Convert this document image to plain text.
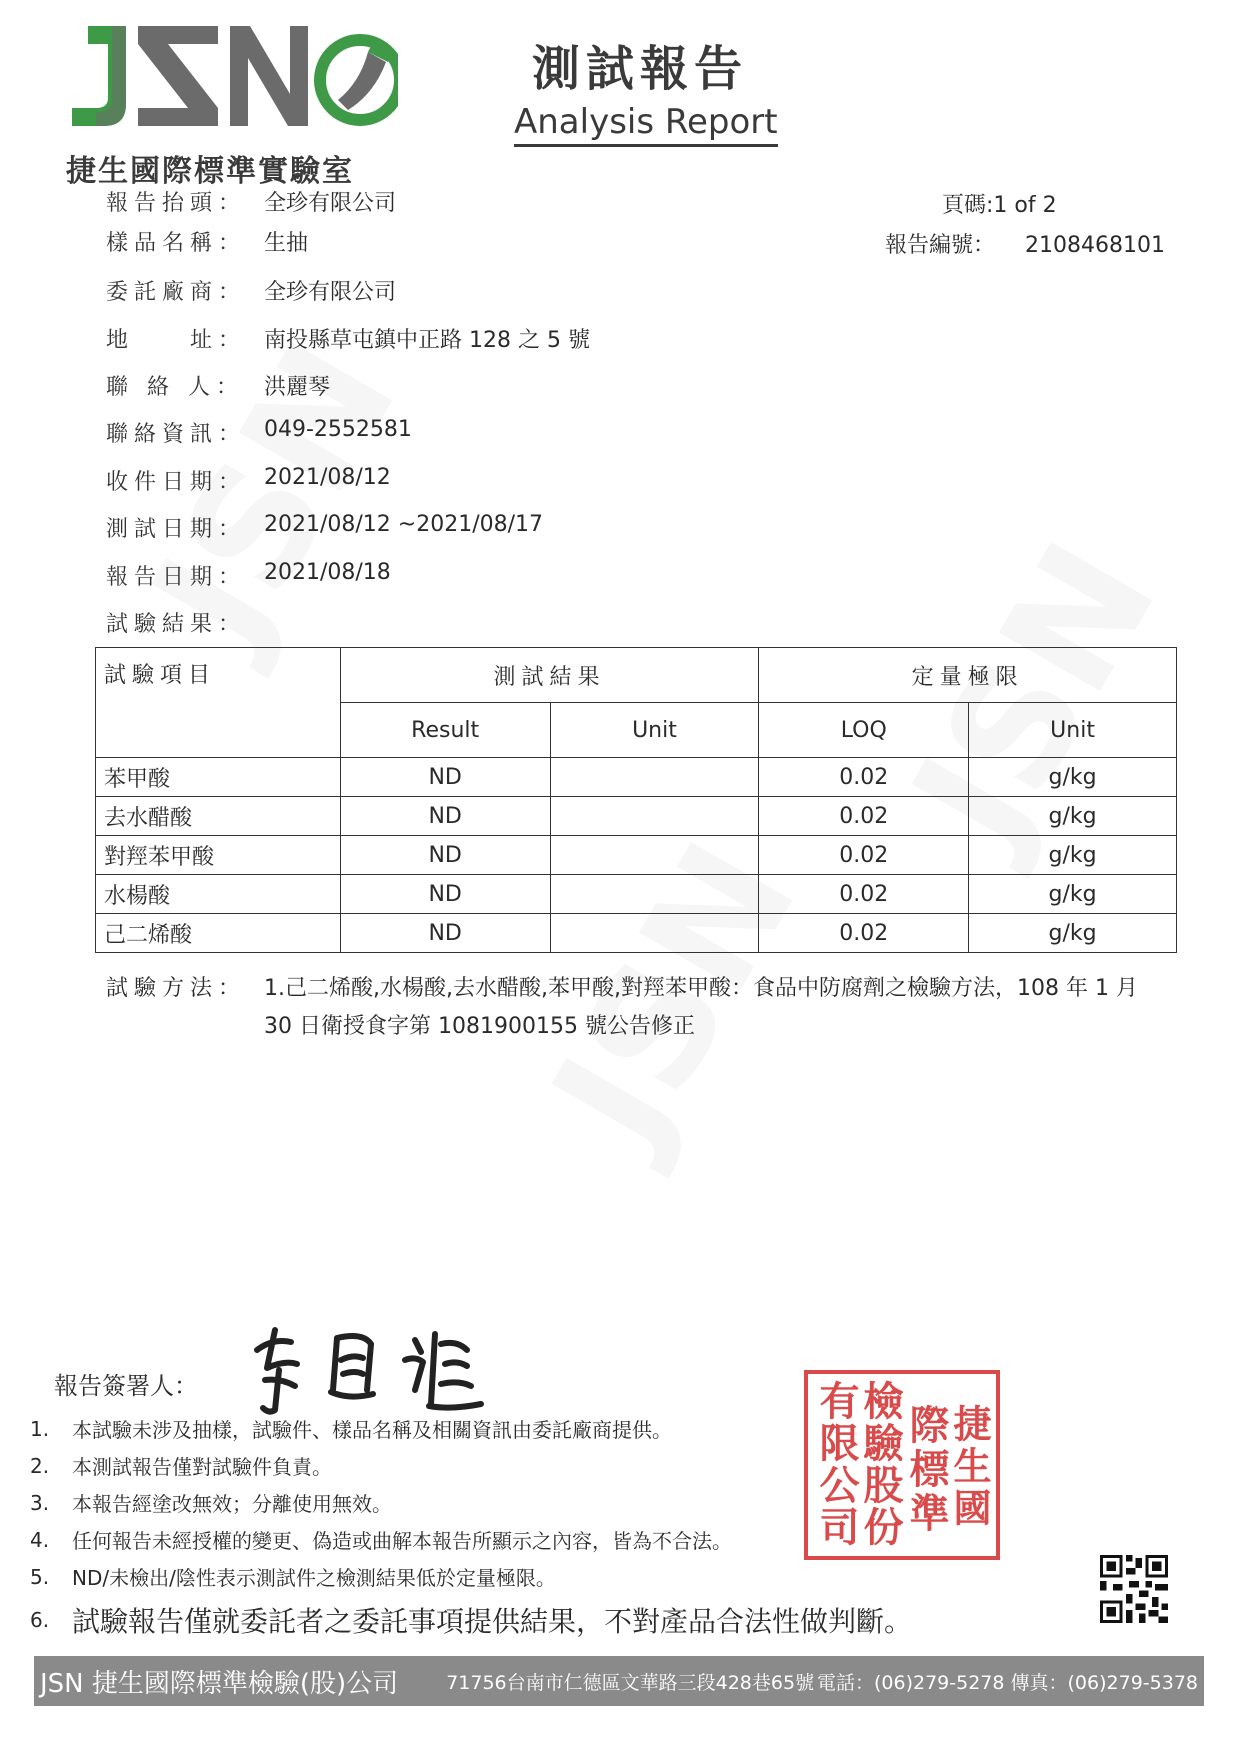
捷生國際標準實驗室
測試報告
Analysis Report
頁碼:1 of 2
報告編號： 2108468101
報告抬頭： 全珍有限公司
樣品名稱： 生抽
委託廠商： 全珍有限公司
地　　址： 南投縣草屯鎮中正路 128 之 5 號
聯 絡 人： 洪麗琴
聯絡資訊： 049-2552581
收件日期： 2021/08/12
測試日期： 2021/08/12 ~2021/08/17
報告日期： 2021/08/18
試驗結果：
試驗項目	測試結果		定量極限	
	Result	Unit	LOQ	Unit
苯甲酸	ND		0.02	g/kg
去水醋酸	ND		0.02	g/kg
對羥苯甲酸	ND		0.02	g/kg
水楊酸	ND		0.02	g/kg
己二烯酸	ND		0.02	g/kg
試驗方法： 1.己二烯酸,水楊酸,去水醋酸,苯甲酸,對羥苯甲酸：食品中防腐劑之檢驗方法，108 年 1 月
30 日衛授食字第 1081900155 號公告修正
報告簽署人：
1.	本試驗未涉及抽樣，試驗件、樣品名稱及相關資訊由委託廠商提供。
2.	本測試報告僅對試驗件負責。
3.	本報告經塗改無效；分離使用無效。
4.	任何報告未經授權的變更、偽造或曲解本報告所顯示之內容，皆為不合法。
5.	ND/未檢出/陰性表示測試件之檢測結果低於定量極限。
6. 試驗報告僅就委託者之委託事項提供結果，不對產品合法性做判斷。
有限公司
檢驗股份 際標準
捷生國
JSN 捷生國際標準檢驗(股)公司	71756台南市仁德區文華路三段428巷65號 電話：(06)279-5278 傳真：(06)279-5378
